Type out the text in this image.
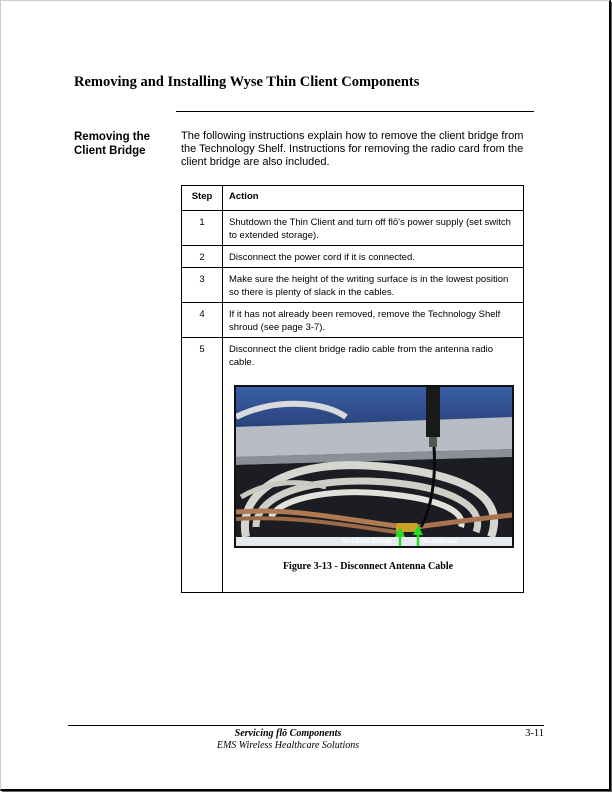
Removing and Installing Wyse Thin Client Components
Removing the Client Bridge
The following instructions explain how to remove the client bridge from the Technology Shelf. Instructions for removing the radio card from the client bridge are also included.
Step	Action
1	Shutdown the Thin Client and turn off flō's power supply (set switch to extended storage).
2	Disconnect the power cord if it is connected.
3	Make sure the height of the writing surface is in the lowest position so there is plenty of slack in the cables.
4	If it has not already been removed, remove the Technology Shelf shroud (see page 3-7).
5	Disconnect the client bridge radio cable from the antenna radio cable.
To Client Bridge To Antenna
Figure 3-13 - Disconnect Antenna Cable
Servicing flō Components
EMS Wireless Healthcare Solutions
3-11
